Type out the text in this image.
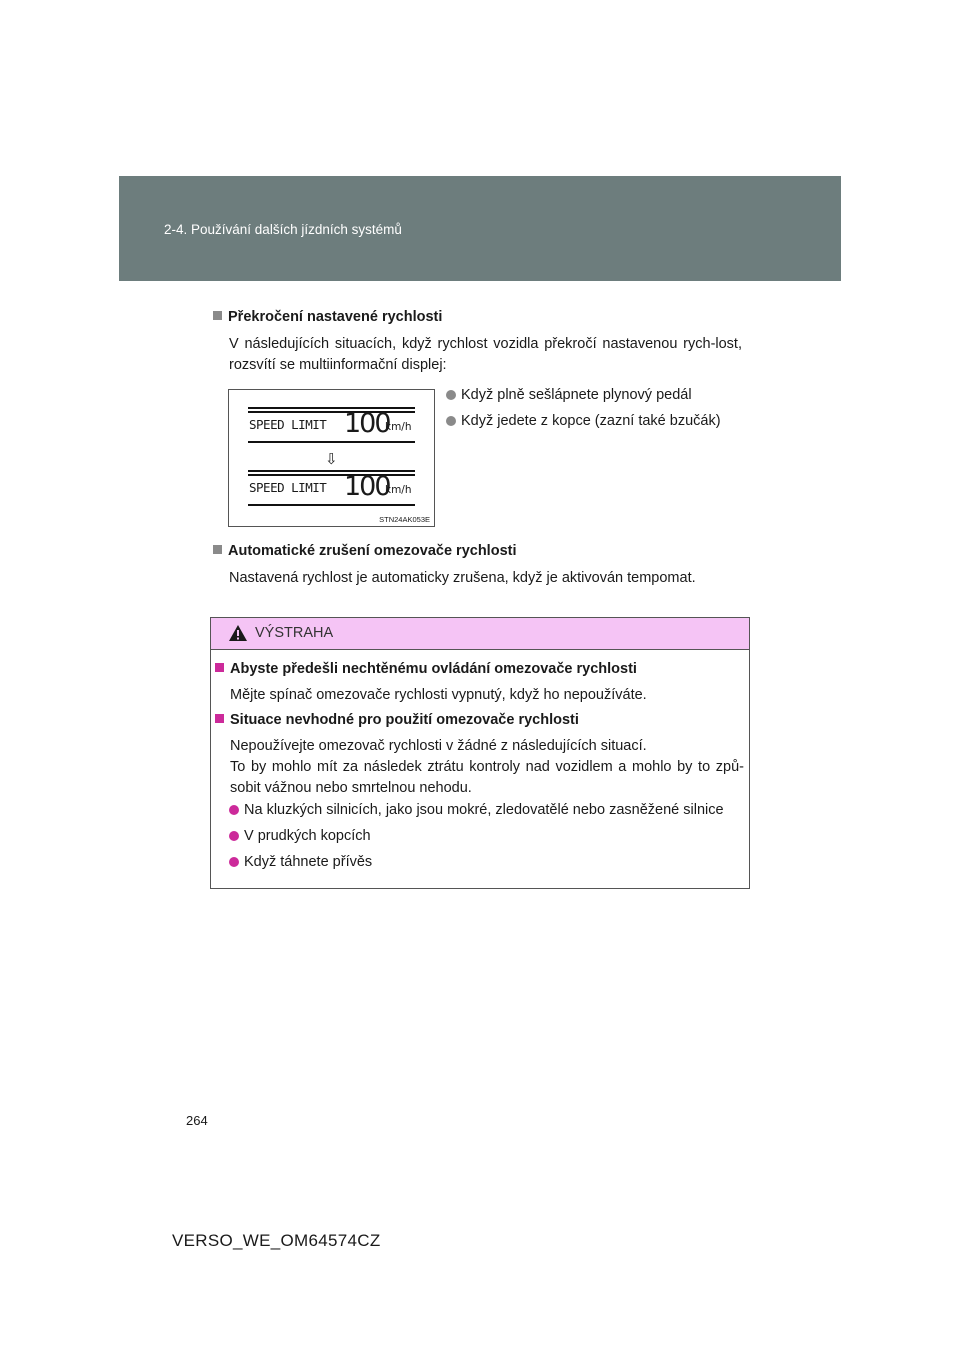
2-4. Používání dalších jízdních systémů
Překročení nastavené rychlosti
V následujících situacích, když rychlost vozidla překročí nastavenou rych-lost, rozsvítí se multiinformační displej:
SPEED LIMIT 100
km/h
⇩
SPEED LIMIT 100
km/h
STN24AK053E
Když plně sešlápnete plynový pedál
Když jedete z kopce (zazní také bzučák)
Automatické zrušení omezovače rychlosti
Nastavená rychlost je automaticky zrušena, když je aktivován tempomat.
VÝSTRAHA
Abyste předešli nechtěnému ovládání omezovače rychlosti
Mějte spínač omezovače rychlosti vypnutý, když ho nepoužíváte.
Situace nevhodné pro použití omezovače rychlosti
Nepoužívejte omezovač rychlosti v žádné z následujících situací.
To by mohlo mít za následek ztrátu kontroly nad vozidlem a mohlo by to způ-sobit vážnou nebo smrtelnou nehodu.
Na kluzkých silnicích, jako jsou mokré, zledovatělé nebo zasněžené silnice
V prudkých kopcích
Když táhnete přívěs
264
VERSO_WE_OM64574CZ
